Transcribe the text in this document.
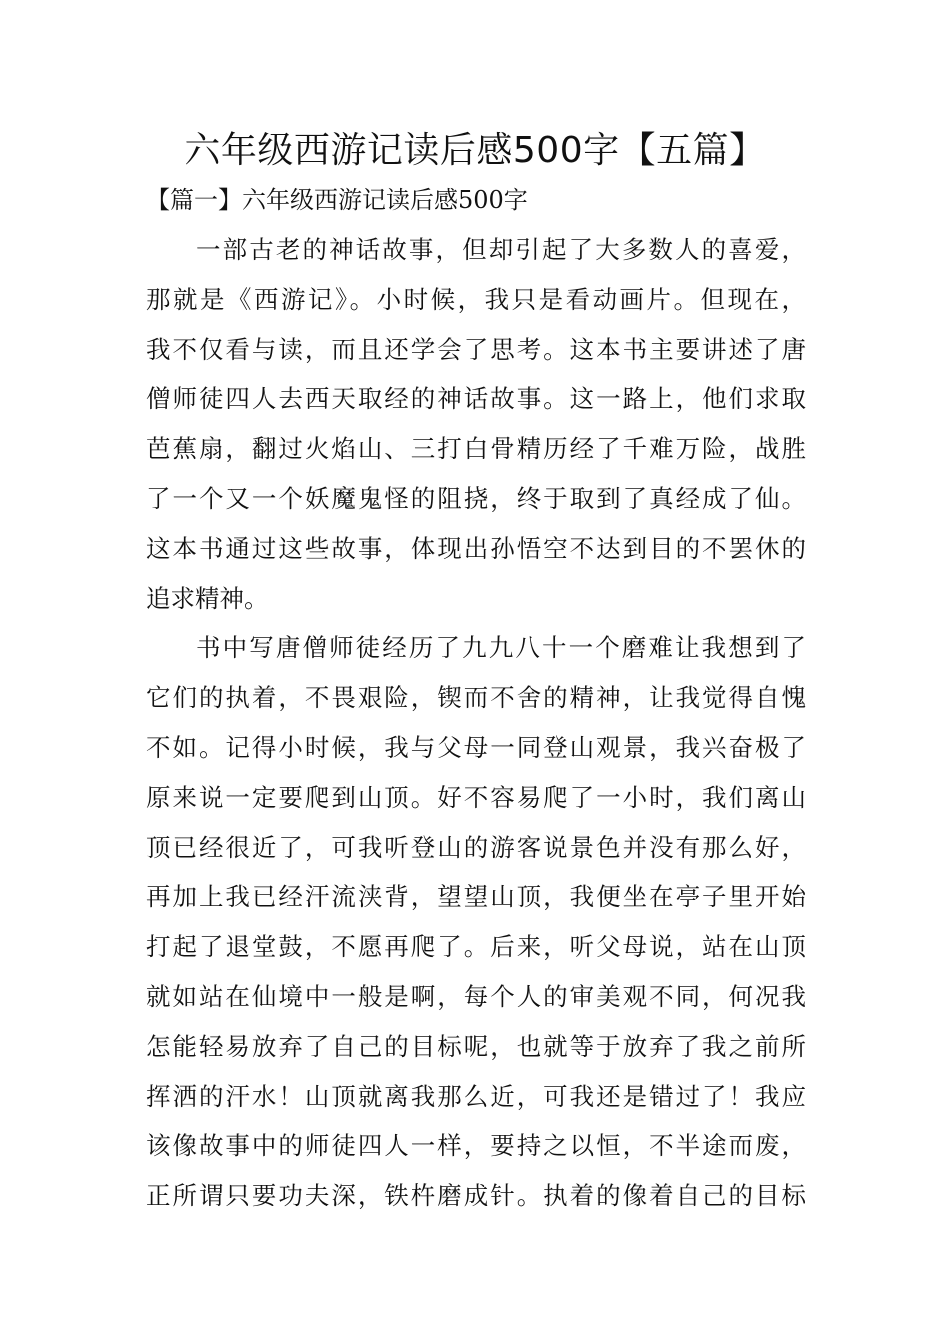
六年级西游记读后感500字【五篇】
【篇一】六年级西游记读后感500字

一部古老的神话故事，但却引起了大多数人的喜爱，
那就是《西游记》。小时候，我只是看动画片。但现在，
我不仅看与读，而且还学会了思考。这本书主要讲述了唐
僧师徒四人去西天取经的神话故事。这一路上，他们求取
芭蕉扇，翻过火焰山、三打白骨精历经了千难万险，战胜
了一个又一个妖魔鬼怪的阻挠，终于取到了真经成了仙。
这本书通过这些故事，体现出孙悟空不达到目的不罢休的
追求精神。

书中写唐僧师徒经历了九九八十一个磨难让我想到了
它们的执着，不畏艰险，锲而不舍的精神，让我觉得自愧
不如。记得小时候，我与父母一同登山观景，我兴奋极了
原来说一定要爬到山顶。好不容易爬了一小时，我们离山
顶已经很近了，可我听登山的游客说景色并没有那么好，
再加上我已经汗流浃背，望望山顶，我便坐在亭子里开始
打起了退堂鼓，不愿再爬了。后来，听父母说，站在山顶
就如站在仙境中一般是啊，每个人的审美观不同，何况我
怎能轻易放弃了自己的目标呢，也就等于放弃了我之前所
挥洒的汗水！山顶就离我那么近，可我还是错过了！我应
该像故事中的师徒四人一样，要持之以恒，不半途而废，
正所谓只要功夫深，铁杵磨成针。执着的像着自己的目标
